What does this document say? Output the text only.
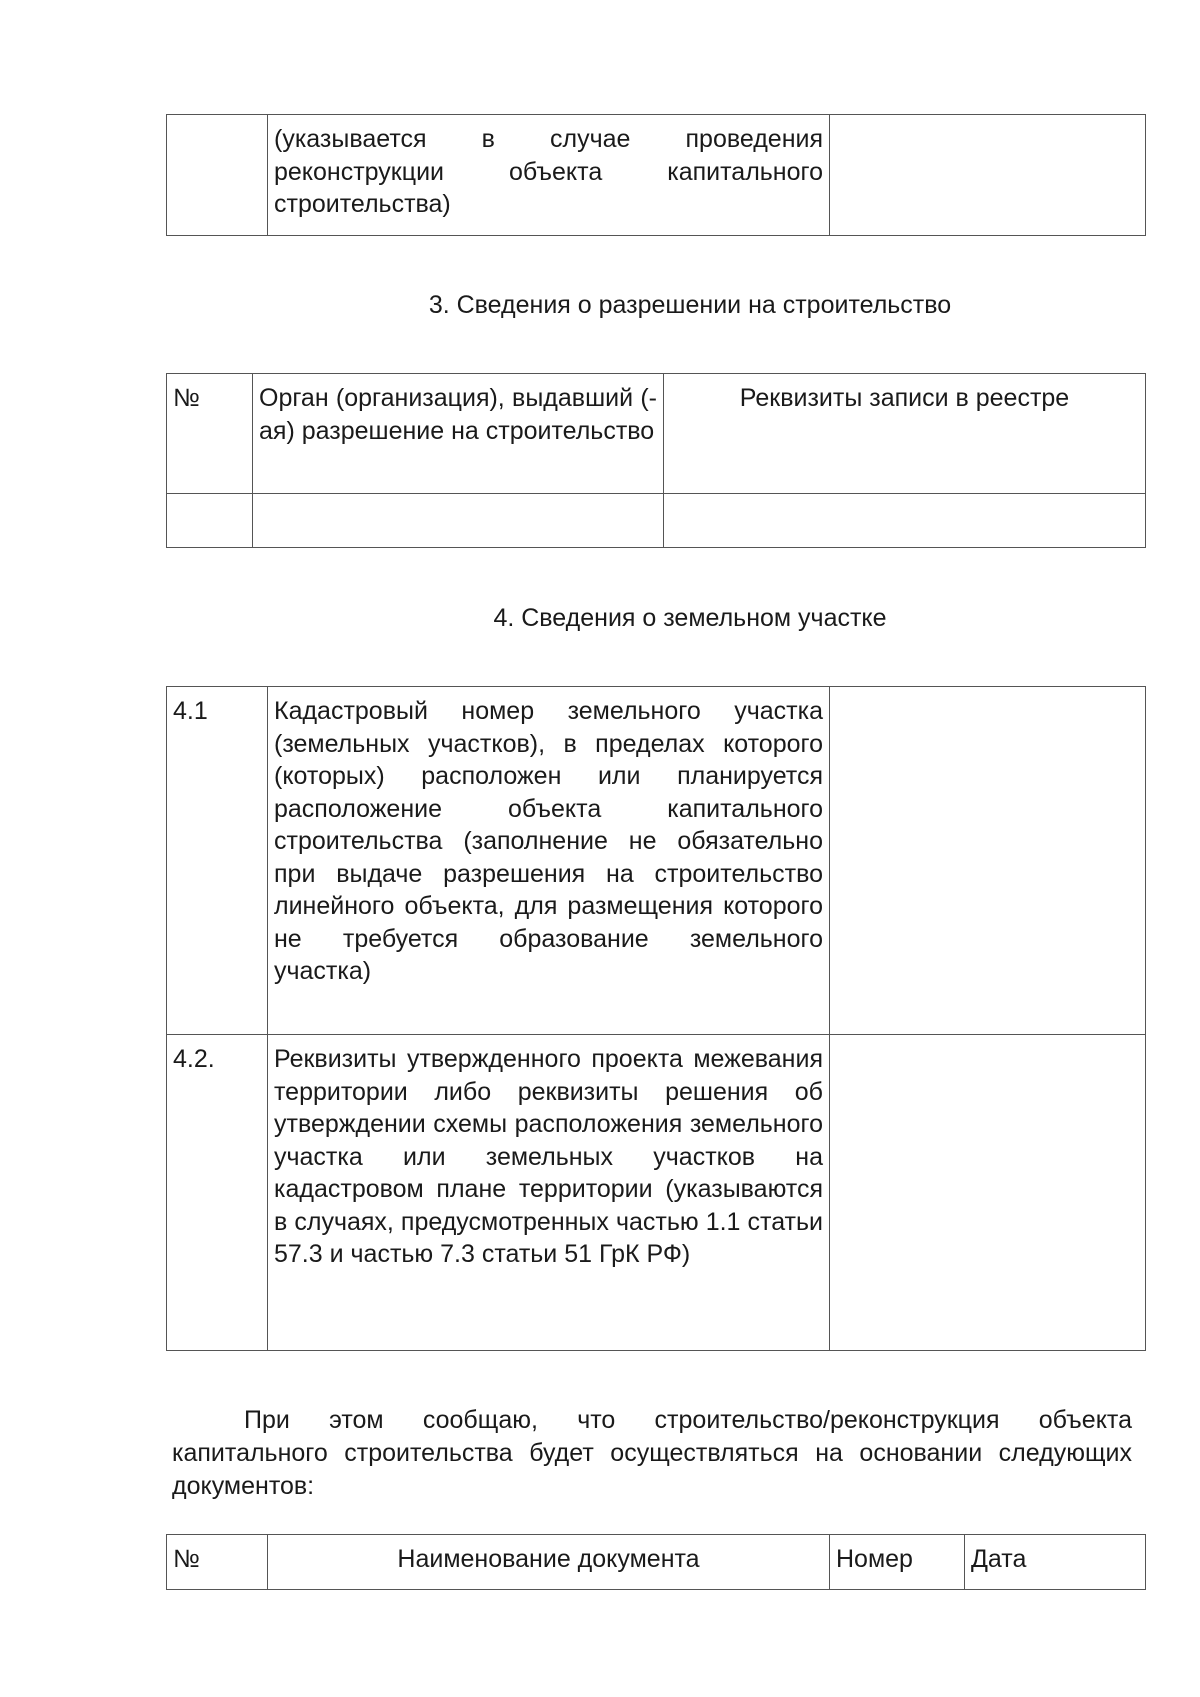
	(указывается в случае проведения реконструкции объекта капитального строительства)	
3. Сведения о разрешении на строительство
№	Орган (организация), выдавший (-ая) разрешение на строительство	Реквизиты записи в реестре

4. Сведения о земельном участке
4.1	Кадастровый номер земельного участка (земельных участков), в пределах которого (которых) расположен или планируется расположение объекта капитального строительства (заполнение не обязательно при выдаче разрешения на строительство линейного объекта, для размещения которого не требуется образование земельного участка)	
4.2.	Реквизиты утвержденного проекта межевания территории либо реквизиты решения об утверждении схемы расположения земельного участка или земельных участков на кадастровом плане территории (указываются в случаях, предусмотренных частью 1.1 статьи 57.3 и частью 7.3 статьи 51 ГрК РФ)	
При этом сообщаю, что строительство/реконструкция объекта капитального строительства будет осуществляться на основании следующих документов:
№	Наименование документа	Номер	Дата
